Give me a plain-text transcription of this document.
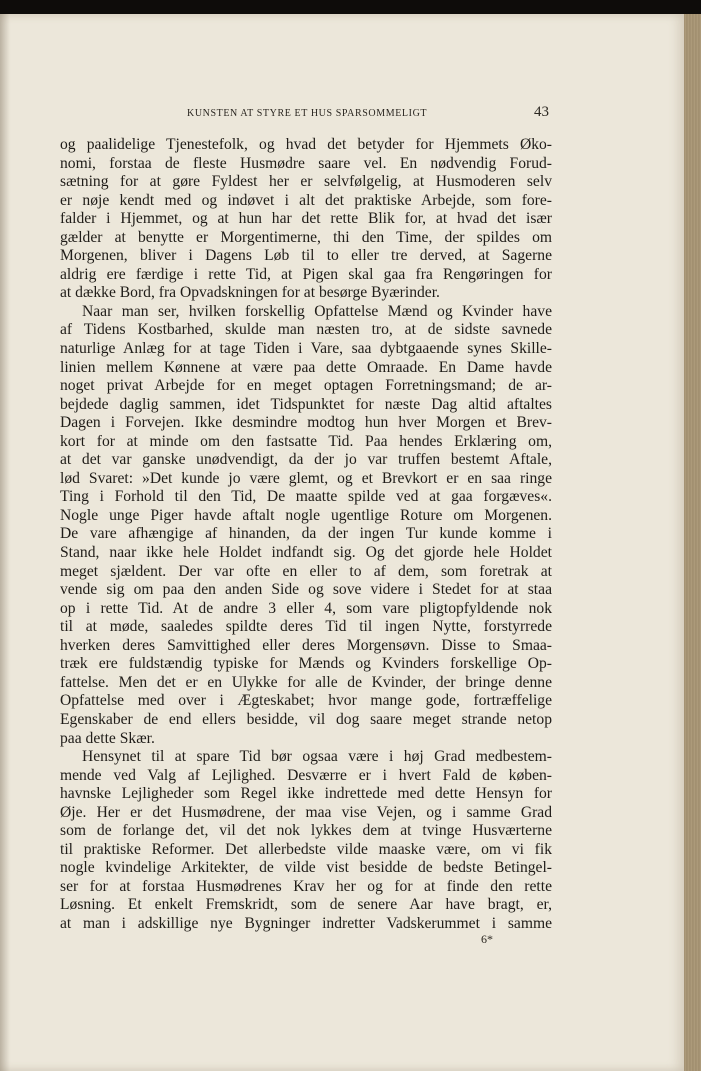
KUNSTEN AT STYRE ET HUS SPARSOMMELIGT	43
og paalidelige Tjenestefolk, og hvad det betyder for Hjemmets Øko-
nomi, forstaa de fleste Husmødre saare vel. En nødvendig Forud-
sætning for at gøre Fyldest her er selvfølgelig, at Husmoderen selv
er nøje kendt med og indøvet i alt det praktiske Arbejde, som fore-
falder i Hjemmet, og at hun har det rette Blik for, at hvad det især
gælder at benytte er Morgentimerne, thi den Time, der spildes om
Morgenen, bliver i Dagens Løb til to eller tre derved, at Sagerne
aldrig ere færdige i rette Tid, at Pigen skal gaa fra Rengøringen for
at dække Bord, fra Opvadskningen for at besørge Byærinder.
Naar man ser, hvilken forskellig Opfattelse Mænd og Kvinder have
af Tidens Kostbarhed, skulde man næsten tro, at de sidste savnede
naturlige Anlæg for at tage Tiden i Vare, saa dybtgaaende synes Skille-
linien mellem Kønnene at være paa dette Omraade. En Dame havde
noget privat Arbejde for en meget optagen Forretningsmand; de ar-
bejdede daglig sammen, idet Tidspunktet for næste Dag altid aftaltes
Dagen i Forvejen. Ikke desmindre modtog hun hver Morgen et Brev-
kort for at minde om den fastsatte Tid. Paa hendes Erklæring om,
at det var ganske unødvendigt, da der jo var truffen bestemt Aftale,
lød Svaret: »Det kunde jo være glemt, og et Brevkort er en saa ringe
Ting i Forhold til den Tid, De maatte spilde ved at gaa forgæves«.
Nogle unge Piger havde aftalt nogle ugentlige Roture om Morgenen.
De vare afhængige af hinanden, da der ingen Tur kunde komme i
Stand, naar ikke hele Holdet indfandt sig. Og det gjorde hele Holdet
meget sjældent. Der var ofte en eller to af dem, som foretrak at
vende sig om paa den anden Side og sove videre i Stedet for at staa
op i rette Tid. At de andre 3 eller 4, som vare pligtopfyldende nok
til at møde, saaledes spildte deres Tid til ingen Nytte, forstyrrede
hverken deres Samvittighed eller deres Morgensøvn. Disse to Smaa-
træk ere fuldstændig typiske for Mænds og Kvinders forskellige Op-
fattelse. Men det er en Ulykke for alle de Kvinder, der bringe denne
Opfattelse med over i Ægteskabet; hvor mange gode, fortræffelige
Egenskaber de end ellers besidde, vil dog saare meget strande netop
paa dette Skær.
Hensynet til at spare Tid bør ogsaa være i høj Grad medbestem-
mende ved Valg af Lejlighed. Desværre er i hvert Fald de køben-
havnske Lejligheder som Regel ikke indrettede med dette Hensyn for
Øje. Her er det Husmødrene, der maa vise Vejen, og i samme Grad
som de forlange det, vil det nok lykkes dem at tvinge Husværterne
til praktiske Reformer. Det allerbedste vilde maaske være, om vi fik
nogle kvindelige Arkitekter, de vilde vist besidde de bedste Betingel-
ser for at forstaa Husmødrenes Krav her og for at finde den rette
Løsning. Et enkelt Fremskridt, som de senere Aar have bragt, er,
at man i adskillige nye Bygninger indretter Vadskerummet i samme
6*
